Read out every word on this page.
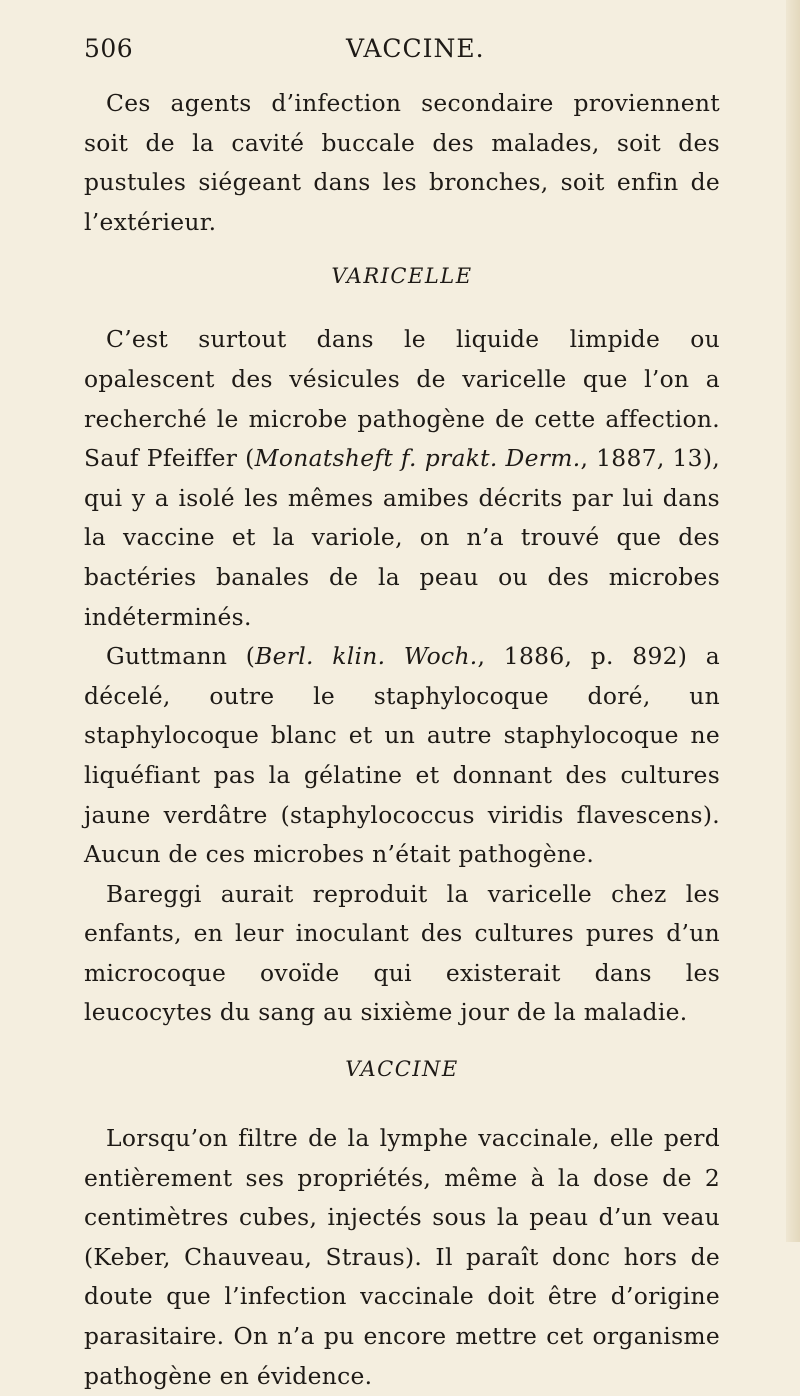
506	VACCINE.

Ces agents d’infection secondaire proviennent soit de la cavité buccale des malades, soit des pustules siégeant dans les bronches, soit enfin de l’extérieur.

VARICELLE

C’est surtout dans le liquide limpide ou opalescent des vésicules de varicelle que l’on a recherché le microbe pathogène de cette affection. Sauf Pfeiffer (Monatsheft f. prakt. Derm., 1887, 13), qui y a isolé les mêmes amibes décrits par lui dans la vaccine et la variole, on n’a trouvé que des bactéries banales de la peau ou des microbes indéterminés.

Guttmann (Berl. klin. Woch., 1886, p. 892) a décelé, outre le staphylocoque doré, un staphylocoque blanc et un autre staphylocoque ne liquéfiant pas la gélatine et donnant des cultures jaune verdâtre (staphylococcus viridis flavescens). Aucun de ces microbes n’était pathogène.

Bareggi aurait reproduit la varicelle chez les enfants, en leur inoculant des cultures pures d’un microcoque ovoïde qui existerait dans les leucocytes du sang au sixième jour de la maladie.

VACCINE

Lorsqu’on filtre de la lymphe vaccinale, elle perd entièrement ses propriétés, même à la dose de 2 centimètres cubes, injectés sous la peau d’un veau (Keber, Chauveau, Straus). Il paraît donc hors de doute que l’infection vaccinale doit être d’origine parasitaire. On n’a pu encore mettre cet organisme pathogène en évidence.
